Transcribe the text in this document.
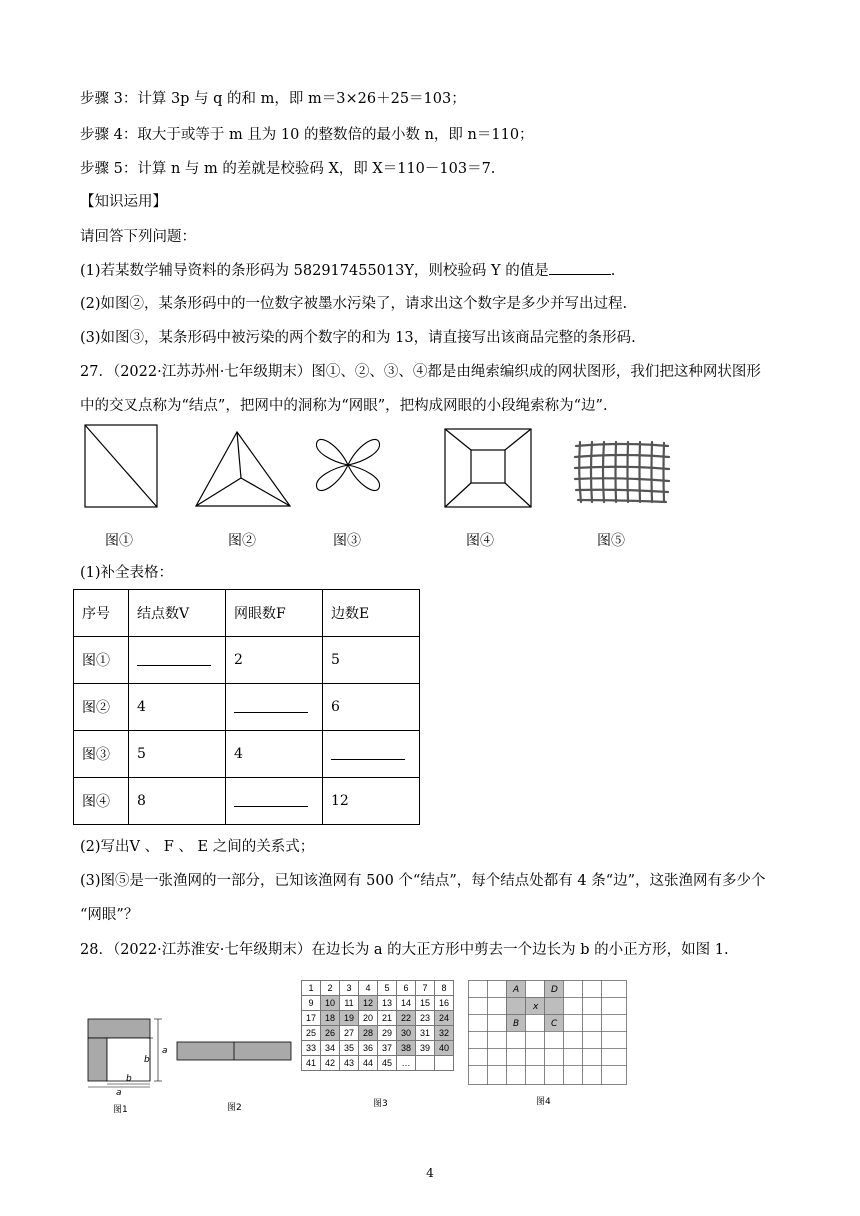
步骤 3：计算 3p 与 q 的和 m，即 m＝3×26＋25＝103；
步骤 4：取大于或等于 m 且为 10 的整数倍的最小数 n，即 n＝110；
步骤 5：计算 n 与 m 的差就是校验码 X，即 X＝110－103＝7.
【知识运用】
请回答下列问题：
(1)若某数学辅导资料的条形码为 582917455013Y，则校验码 Y 的值是	.
(2)如图②，某条形码中的一位数字被墨水污染了，请求出这个数字是多少并写出过程.
(3)如图③，某条形码中被污染的两个数字的和为 13，请直接写出该商品完整的条形码.
27．（2022·江苏苏州·七年级期末）图①、②、③、④都是由绳索编织成的网状图形，我们把这种网状图形
中的交叉点称为“结点”，把网中的洞称为“网眼”，把构成网眼的小段绳索称为“边”.
图①	图②	图③	图④	图⑤
(1)补全表格：
序号	结点数V	网眼数F	边数E
图①		2	5
图②	4		6
图③	5	4	
图④	8		12
(2)写出V 、 F 、 E 之间的关系式；
(3)图⑤是一张渔网的一部分，已知该渔网有 500 个“结点”，每个结点处都有 4 条“边”，这张渔网有多少个
“网眼”？
28．（2022·江苏淮安·七年级期末）在边长为 a 的大正方形中剪去一个边长为 b 的小正方形，如图 1.
a
b
b
a
图1	图2
1	2	3	4	5	6	7	8
9	10	11	12	13	14	15	16
17	18	19	20	21	22	23	24
25	26	27	28	29	30	31	32
33	34	35	36	37	38	39	40
41	42	43	44	45	…		
图3
A	D
x
B	C
图4
4
